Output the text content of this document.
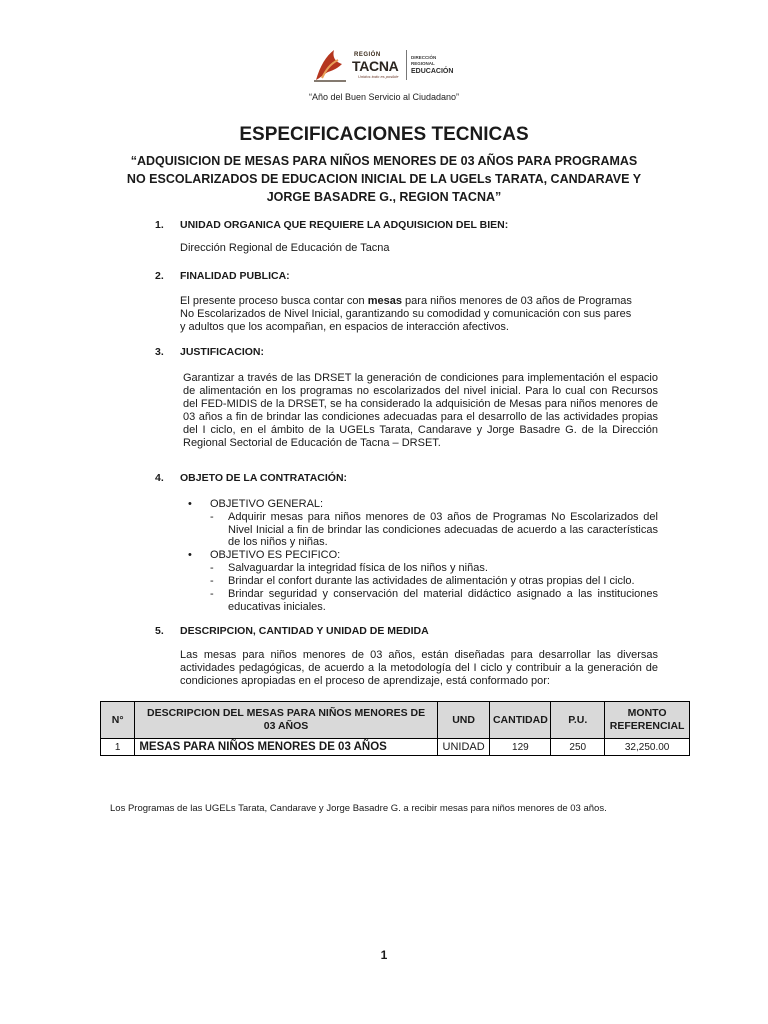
REGIÓN
TACNA
Unidos todo es posible
DIRECCIÓN
REGIONAL
EDUCACIÓN
“Año del Buen Servicio al Ciudadano”
ESPECIFICACIONES TECNICAS
“ADQUISICION DE MESAS PARA NIÑOS MENORES DE 03 AÑOS PARA PROGRAMAS
NO ESCOLARIZADOS DE EDUCACION INICIAL DE LA UGELs TARATA, CANDARAVE Y
JORGE BASADRE G., REGION TACNA”
1. UNIDAD ORGANICA QUE REQUIERE LA ADQUISICION DEL BIEN:
Dirección Regional de Educación de Tacna
2. FINALIDAD PUBLICA:
El presente proceso busca contar con mesas para niños menores de 03 años de Programas
No Escolarizados de Nivel Inicial, garantizando su comodidad y comunicación con sus pares
y adultos que los acompañan, en espacios de interacción afectivos.
3. JUSTIFICACION:
Garantizar a través de las DRSET la generación de condiciones para implementación el espacio de alimentación en los programas no escolarizados del nivel inicial. Para lo cual con Recursos del FED-MIDIS de la DRSET, se ha considerado la adquisición de Mesas para niños menores de 03 años a fin de brindar las condiciones adecuadas para el desarrollo de las actividades propias del I ciclo, en el ámbito de la UGELs Tarata, Candarave y Jorge Basadre G. de la Dirección Regional Sectorial de Educación de Tacna – DRSET.
4. OBJETO DE LA CONTRATACIÓN:
• OBJETIVO GENERAL:
- Adquirir mesas para niños menores de 03 años de Programas No Escolarizados del Nivel Inicial a fin de brindar las condiciones adecuadas de acuerdo a las características de los niños y niñas.
• OBJETIVO ES PECIFICO:
- Salvaguardar la integridad física de los niños y niñas.
- Brindar el confort durante las actividades de alimentación y otras propias del I ciclo.
- Brindar seguridad y conservación del material didáctico asignado a las instituciones educativas iniciales.
5. DESCRIPCION, CANTIDAD Y UNIDAD DE MEDIDA
Las mesas para niños menores de 03 años, están diseñadas para desarrollar las diversas actividades pedagógicas, de acuerdo a la metodología del I ciclo y contribuir a la generación de condiciones apropiadas en el proceso de aprendizaje, está conformado por:
N°	DESCRIPCION DEL MESAS PARA NIÑOS MENORES DE 03 AÑOS	UND	CANTIDAD	P.U.	MONTO REFERENCIAL
1	MESAS PARA NIÑOS MENORES DE 03 AÑOS	UNIDAD	129	250	32,250.00
Los Programas de las UGELs Tarata, Candarave y Jorge Basadre G. a recibir mesas para niños menores de 03 años.
1
